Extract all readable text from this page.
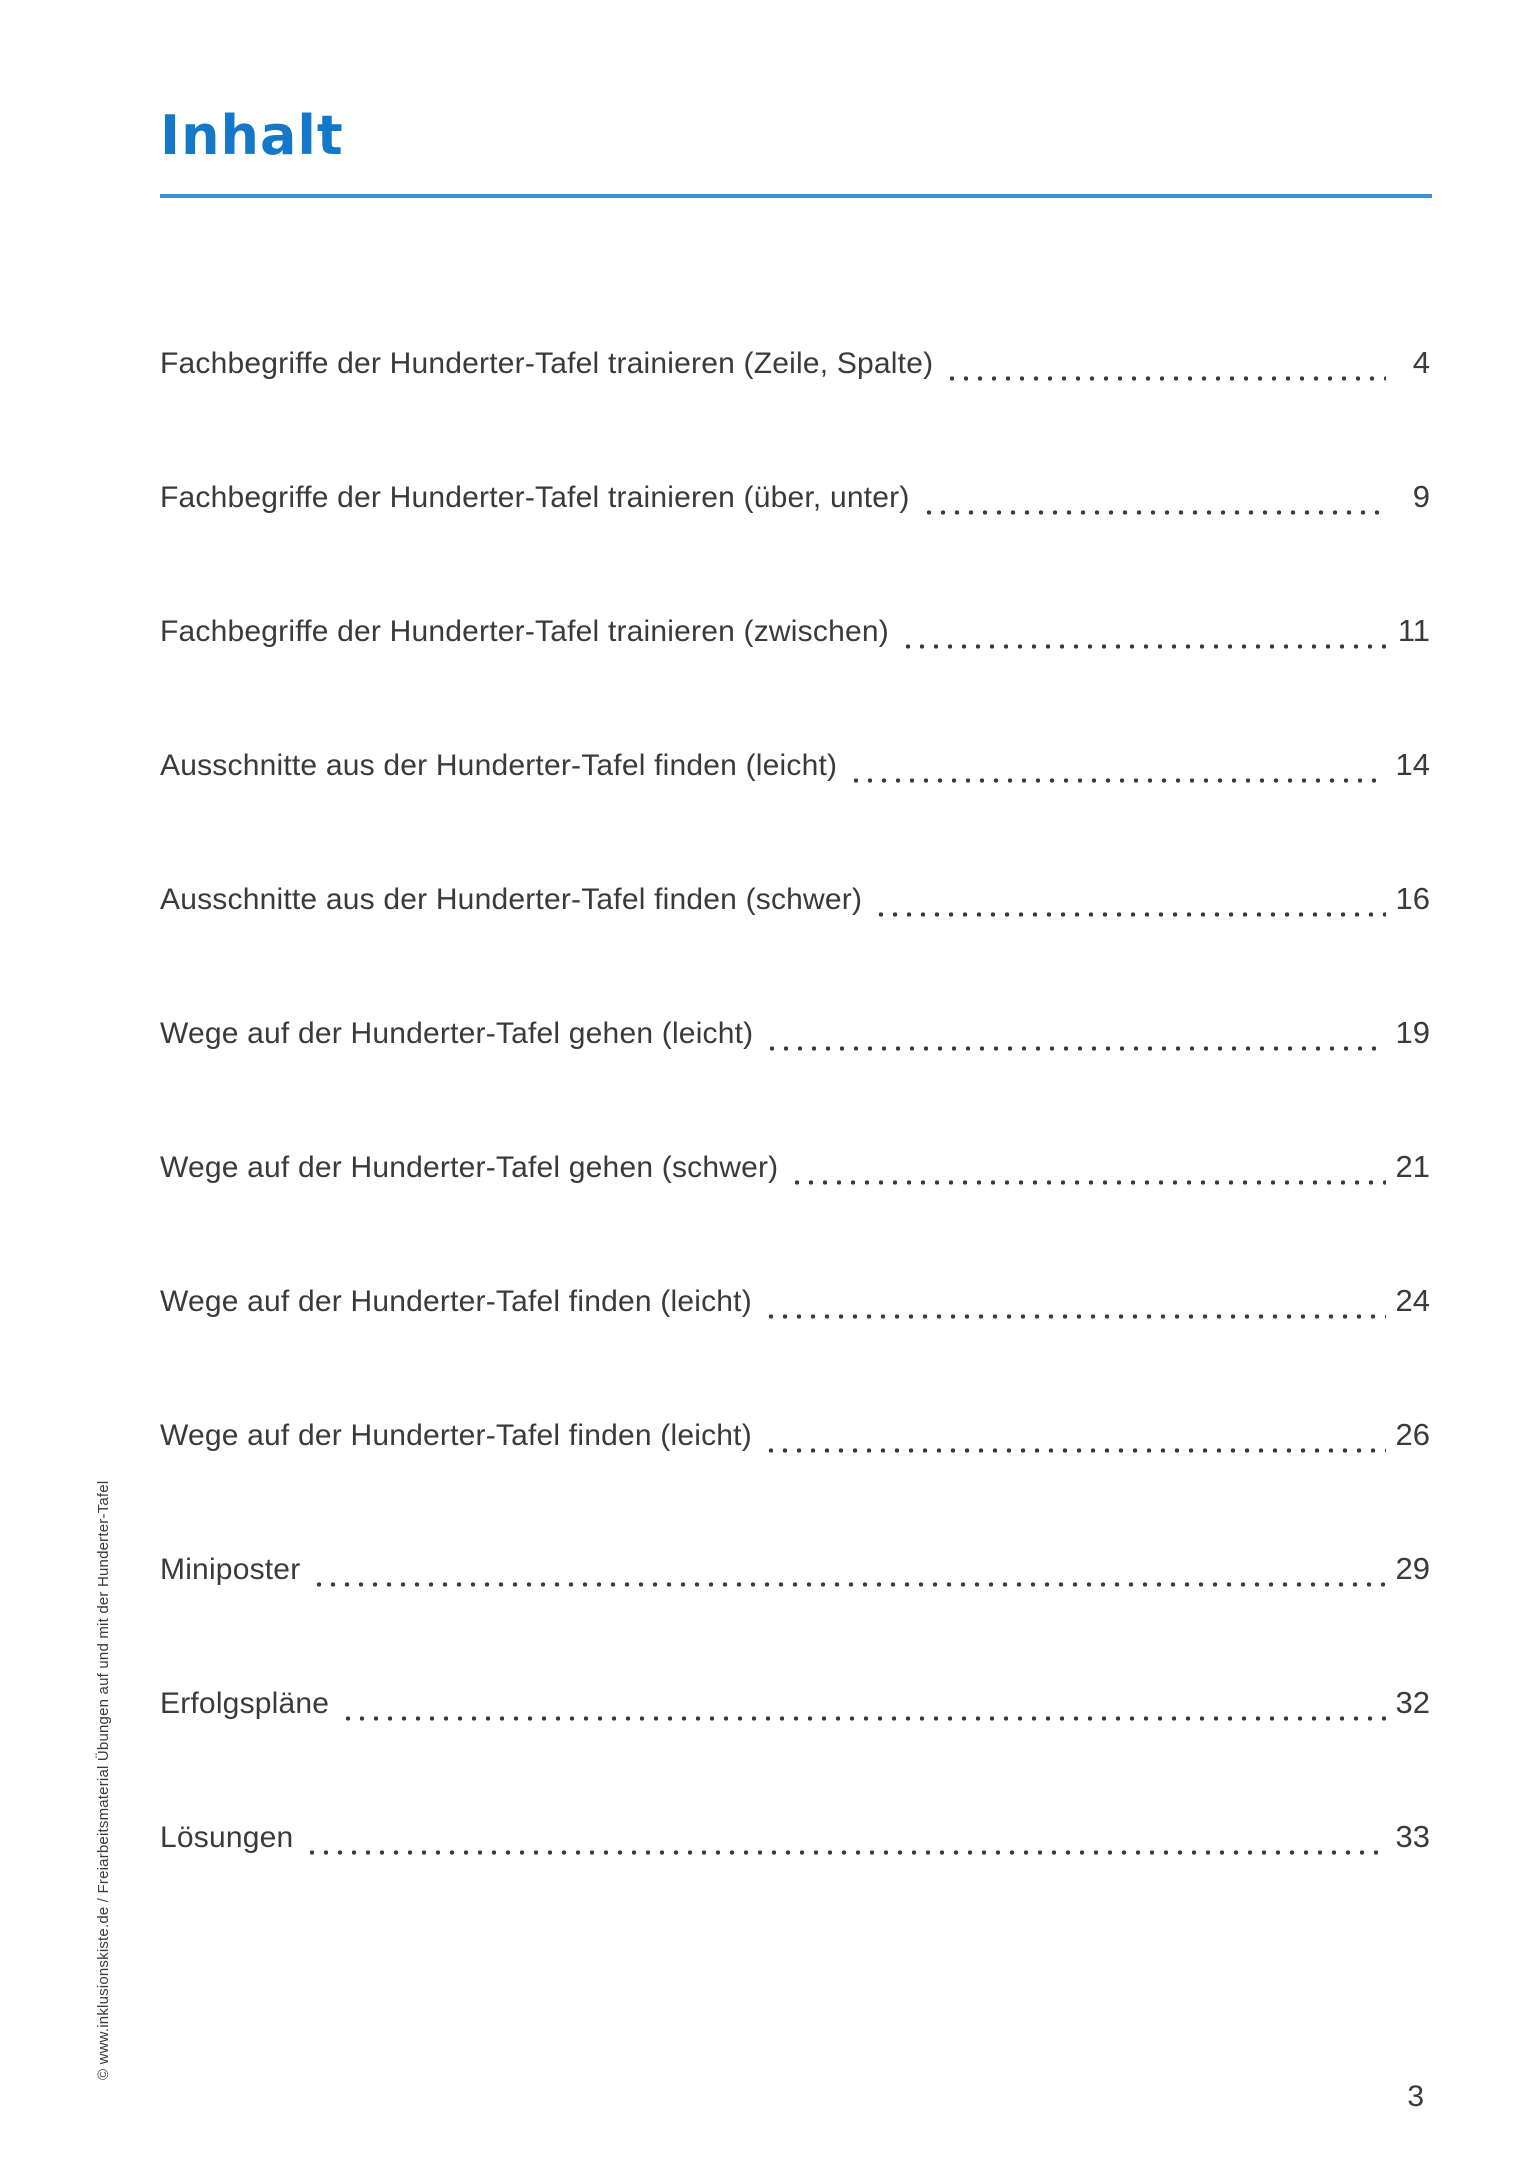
Inhalt
Fachbegriffe der Hunderter-Tafel trainieren (Zeile, Spalte)	4
Fachbegriffe der Hunderter-Tafel trainieren (über, unter)	9
Fachbegriffe der Hunderter-Tafel trainieren (zwischen)	11
Ausschnitte aus der Hunderter-Tafel finden (leicht)	14
Ausschnitte aus der Hunderter-Tafel finden (schwer)	16
Wege auf der Hunderter-Tafel gehen (leicht)	19
Wege auf der Hunderter-Tafel gehen (schwer)	21
Wege auf der Hunderter-Tafel finden (leicht)	24
Wege auf der Hunderter-Tafel finden (leicht)	26
Miniposter	29
Erfolgspläne	32
Lösungen	33
© www.inklusionskiste.de / Freiarbeitsmaterial Übungen auf und mit der Hunderter-Tafel
3
